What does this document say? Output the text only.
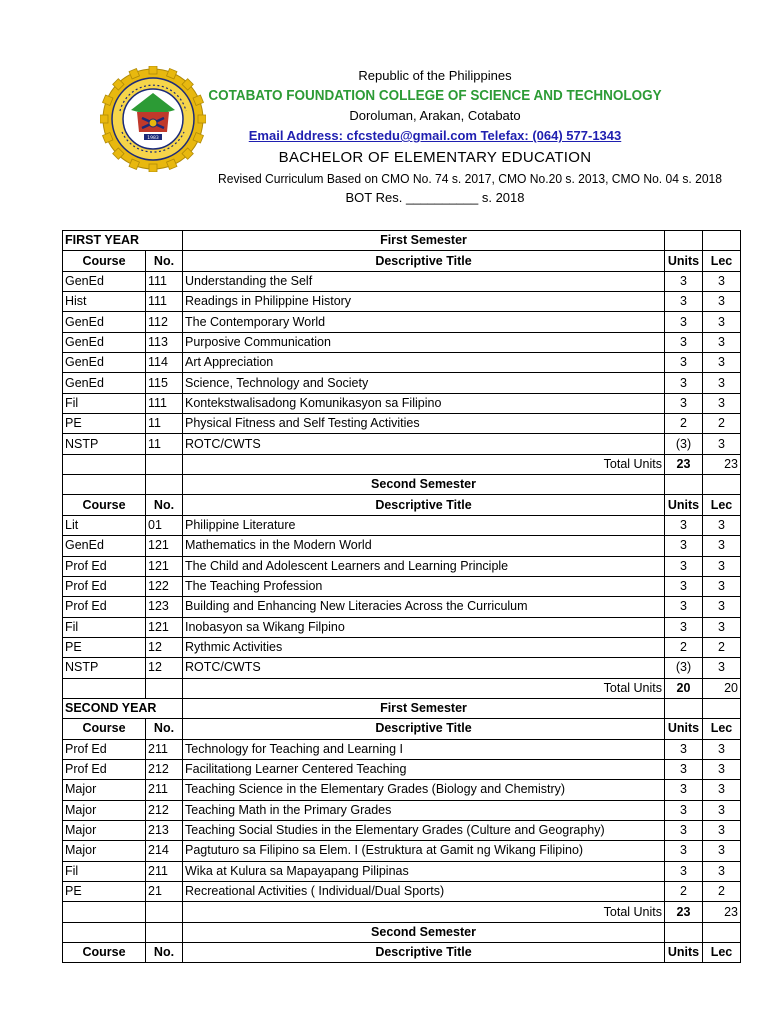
1983
Republic of the Philippines
COTABATO FOUNDATION COLLEGE OF SCIENCE AND TECHNOLOGY
Doroluman, Arakan, Cotabato
Email Address: cfcstedu@gmail.com Telefax: (064) 577-1343
BACHELOR OF ELEMENTARY EDUCATION
Revised Curriculum Based on CMO No. 74 s. 2017, CMO No.20 s. 2013, CMO No. 04 s. 2018
BOT Res. __________ s. 2018
FIRST YEAR		First Semester		
Course	No.	Descriptive Title	Units	Lec
GenEd	111	Understanding the Self	3	3
Hist	111	Readings in Philippine History	3	3
GenEd	112	The Contemporary World	3	3
GenEd	113	Purposive Communication	3	3
GenEd	114	Art Appreciation	3	3
GenEd	115	Science, Technology and Society	3	3
Fil	111	Kontekstwalisadong Komunikasyon sa Filipino	3	3
PE	11	Physical Fitness and Self Testing Activities	2	2
NSTP	11	ROTC/CWTS	(3)	3
		Total Units	23	23
		Second Semester		
Course	No.	Descriptive Title	Units	Lec
Lit	01	Philippine Literature	3	3
GenEd	121	Mathematics in the Modern World	3	3
Prof Ed	121	The Child and Adolescent Learners and Learning Principle	3	3
Prof Ed	122	The Teaching Profession	3	3
Prof Ed	123	Building and Enhancing New Literacies Across the Curriculum	3	3
Fil	121	Inobasyon sa Wikang Filpino	3	3
PE	12	Rythmic Activities	2	2
NSTP	12	ROTC/CWTS	(3)	3
		Total Units	20	20
SECOND YEAR		First Semester		
Course	No.	Descriptive Title	Units	Lec
Prof Ed	211	Technology for Teaching and Learning I	3	3
Prof Ed	212	Facilitationg Learner Centered Teaching	3	3
Major	211	Teaching Science in the Elementary Grades (Biology and Chemistry)	3	3
Major	212	Teaching Math in the Primary Grades	3	3
Major	213	Teaching Social Studies in the Elementary Grades (Culture and Geography)	3	3
Major	214	Pagtuturo sa Filipino sa Elem. I (Estruktura at Gamit ng Wikang Filipino)	3	3
Fil	211	Wika at Kulura sa Mapayapang Pilipinas	3	3
PE	21	Recreational Activities ( Individual/Dual Sports)	2	2
		Total Units	23	23
		Second Semester		
Course	No.	Descriptive Title	Units	Lec
